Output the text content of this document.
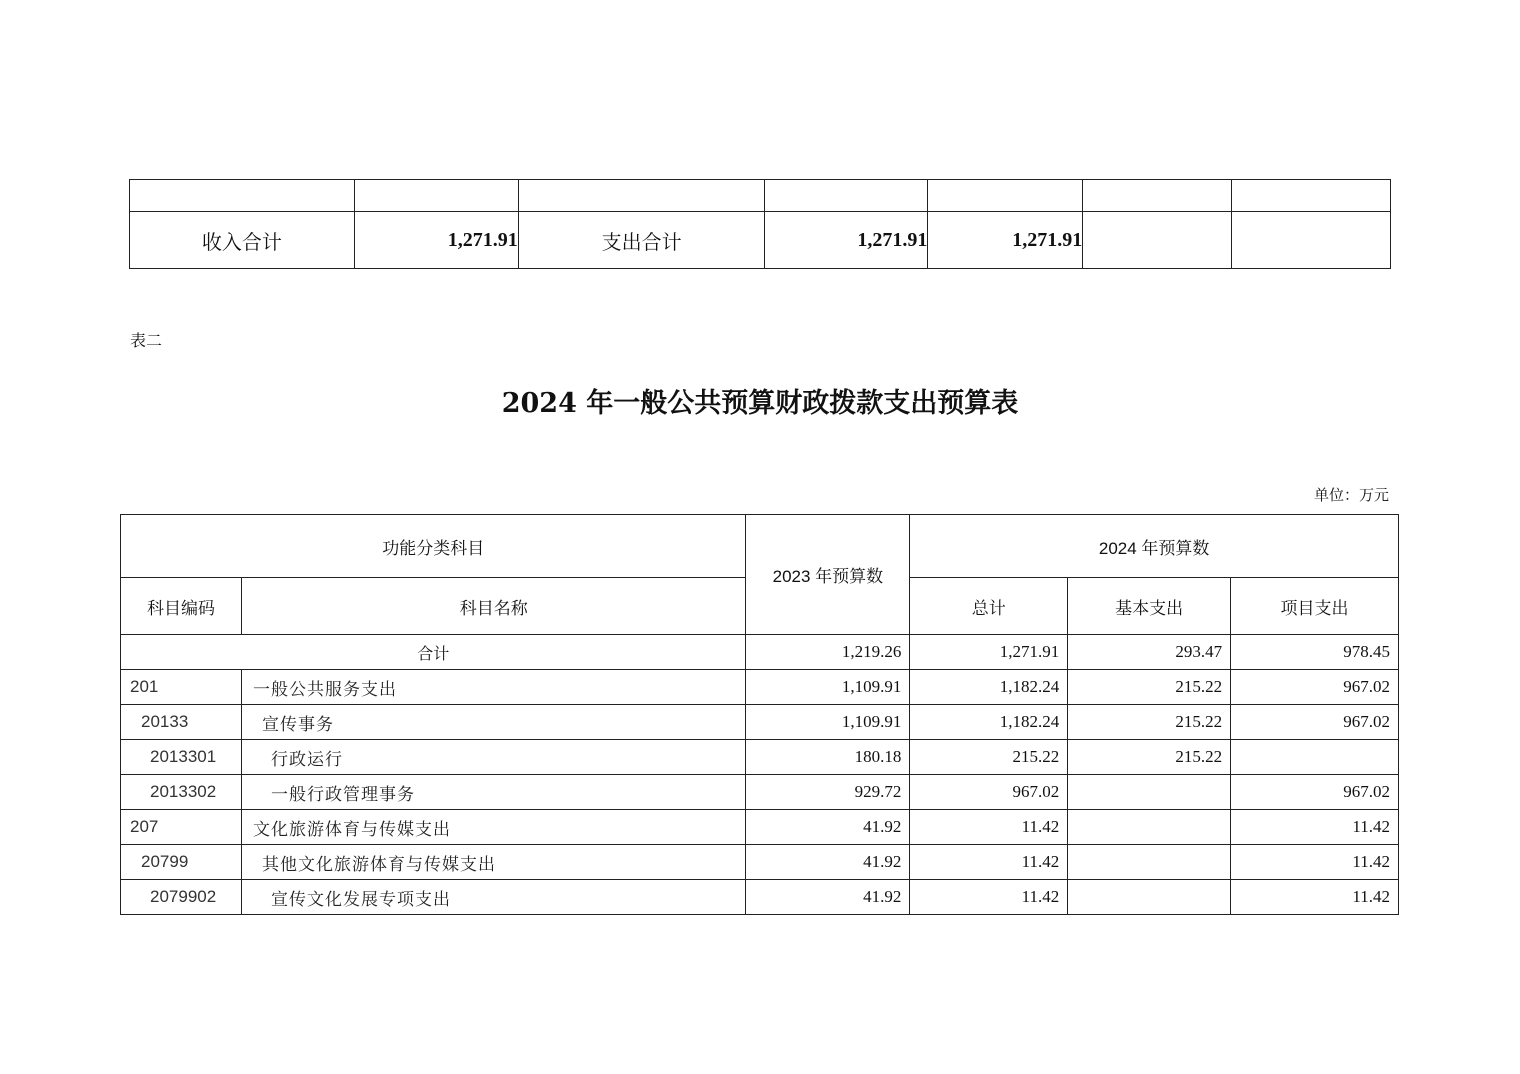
收入合计	1,271.91	支出合计	1,271.91	1,271.91		
表二
2024 年一般公共预算财政拨款支出预算表
单位：万元
功能分类科目		2023 年预算数	2024 年预算数		
科目编码	科目名称		总计	基本支出	项目支出
合计		1,219.26	1,271.91	293.47	978.45
201	一般公共服务支出	1,109.91	1,182.24	215.22	967.02
20133	宣传事务	1,109.91	1,182.24	215.22	967.02
2013301	行政运行	180.18	215.22	215.22	
2013302	一般行政管理事务	929.72	967.02		967.02
207	文化旅游体育与传媒支出	41.92	11.42		11.42
20799	其他文化旅游体育与传媒支出	41.92	11.42		11.42
2079902	宣传文化发展专项支出	41.92	11.42		11.42
